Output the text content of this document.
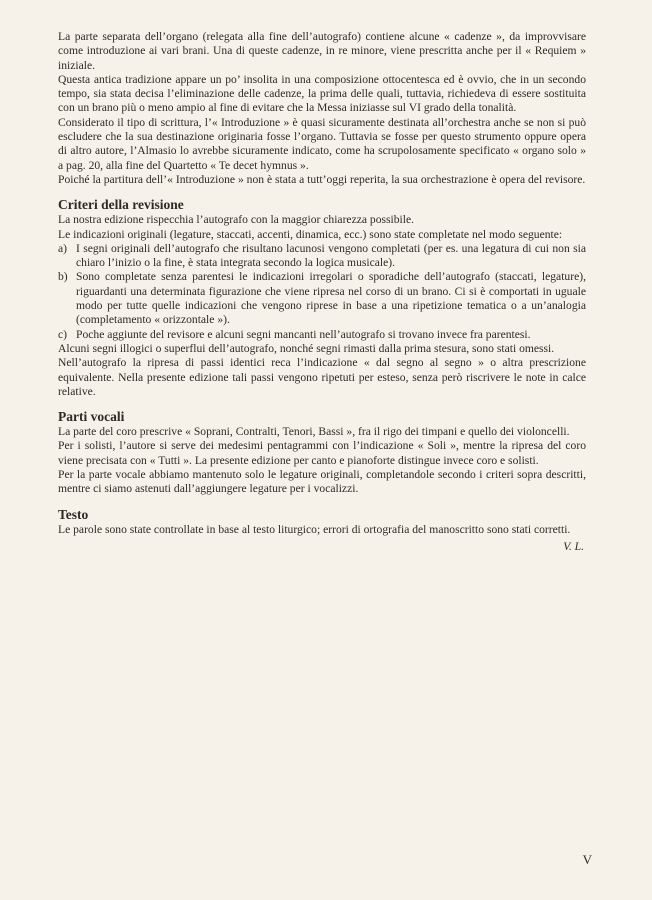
La parte separata dell’organo (relegata alla fine dell’autografo) contiene alcune « cadenze », da improvvisare come introduzione ai vari brani. Una di queste cadenze, in re minore, viene prescritta anche per il « Requiem » iniziale.

Questa antica tradizione appare un po’ insolita in una composizione ottocentesca ed è ovvio, che in un secondo tempo, sia stata decisa l’eliminazione delle cadenze, la prima delle quali, tuttavia, richiedeva di essere sostituita con un brano più o meno ampio al fine di evitare che la Messa iniziasse sul VI grado della tonalità.

Considerato il tipo di scrittura, l’« Introduzione » è quasi sicuramente destinata all’orchestra anche se non si può escludere che la sua destinazione originaria fosse l’organo. Tuttavia se fosse per questo strumento oppure opera di altro autore, l’Almasio lo avrebbe sicuramente indicato, come ha scrupolosamente specificato « organo solo » a pag. 20, alla fine del Quartetto « Te decet hymnus ».

Poiché la partitura dell’« Introduzione » non è stata a tutt’oggi reperita, la sua orchestrazione è opera del revisore.

Criteri della revisione

La nostra edizione rispecchia l’autografo con la maggior chiarezza possibile.

Le indicazioni originali (legature, staccati, accenti, dinamica, ecc.) sono state completate nel modo seguente:

a) I segni originali dell’autografo che risultano lacunosi vengono completati (per es. una legatura di cui non sia chiaro l’inizio o la fine, è stata integrata secondo la logica musicale).

b) Sono completate senza parentesi le indicazioni irregolari o sporadiche dell’autografo (staccati, legature), riguardanti una determinata figurazione che viene ripresa nel corso di un brano. Ci si è comportati in uguale modo per tutte quelle indicazioni che vengono riprese in base a una ripetizione tematica o a un’analogia (completamento « orizzontale »).

c) Poche aggiunte del revisore e alcuni segni mancanti nell’autografo si trovano invece fra parentesi.

Alcuni segni illogici o superflui dell’autografo, nonché segni rimasti dalla prima stesura, sono stati omessi.

Nell’autografo la ripresa di passi identici reca l’indicazione « dal segno al segno » o altra prescrizione equivalente. Nella presente edizione tali passi vengono ripetuti per esteso, senza però riscrivere le note in calce relative.

Parti vocali

La parte del coro prescrive « Soprani, Contralti, Tenori, Bassi », fra il rigo dei timpani e quello dei violoncelli.

Per i solisti, l’autore si serve dei medesimi pentagrammi con l’indicazione « Soli », mentre la ripresa del coro viene precisata con « Tutti ». La presente edizione per canto e pianoforte distingue invece coro e solisti.

Per la parte vocale abbiamo mantenuto solo le legature originali, completandole secondo i criteri sopra descritti, mentre ci siamo astenuti dall’aggiungere legature per i vocalizzi.

Testo

Le parole sono state controllate in base al testo liturgico; errori di ortografia del manoscritto sono stati corretti.

V. L.

V
